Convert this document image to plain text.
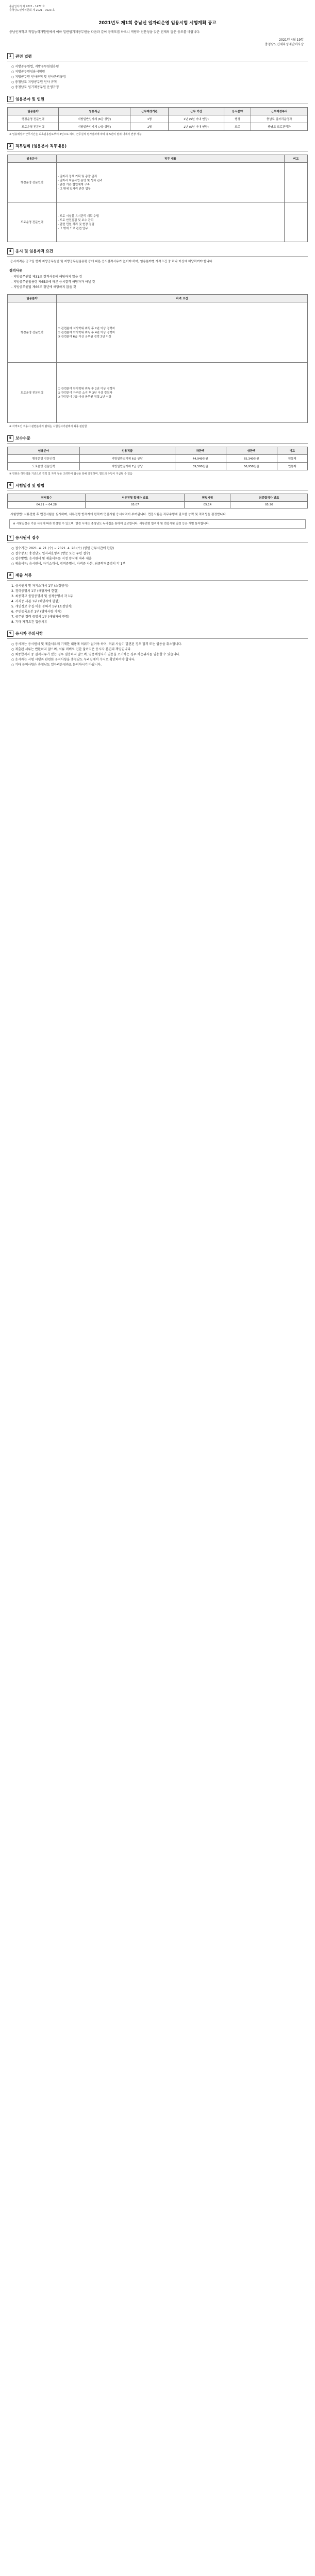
충남일자리 제 2021 - 1477 호
충청남도인사위원회 제 2021 - 0023 호
2021년도 제1회 충남신 일자리운영 임용시험 시행계획 공고
충남인재학교 직업능력개발원에서 이하 일반임기제공무원을 다음과 같이 공개모집 하오니 역량과 전문성을 갖춘 인재의 많은 응모를 바랍니다.
2021년 4월 19일
충청남도인재육성재단이사장
1	관련 법령
○ 지방공무원법, 지방공무원임용령
○ 지방공무원임용시험령
○ 지방공무원 인사규칙 및 인사관리규정
○ 충청남도 지방공무원 인사 규칙
○ 충청남도 임기제공무원 운영규정
2	임용분야 및 인원
임용분야	임용직급	근무예정기관	근무 기간	응시분야	근무예정부서
행정운영 전문인력	지방일반임기제 (6급 상당)	1명	2년 (5년 이내 연장)	행정	충남도 일자리운영과
도로운영 전문인력	지방일반임기제 (7급 상당)	1명	2년 (5년 이내 연장)	도로	충남도 도로관리과
※ 임용예정자 근무기간은 최초임용일로부터 2년으로 하되, 근무실적 평가결과에 따라 총 5년의 범위 내에서 연장 가능
3	직무범위 (임용분야 직무내용)
임용분야	직무 내용	비고
행정운영 전문인력	- 일자리 정책 기획 및 총괄 관리
- 일자리 지원사업 운영 및 성과 관리
- 관련 기관 협업체계 구축
- 그 밖에 일자리 관련 업무	
도로운영 전문인력	- 도로 시설물 유지관리 계획 수립
- 도로 안전점검 및 보수 관리
- 관련 민원 처리 및 현장 점검
- 그 밖에 도로 관련 업무	
4	응시 및 임용자격 요건
응시자격은 공고일 현재 지방공무원법 및 지방공무원임용령 등에 따른 응시결격사유가 없어야 하며, 임용분야별 자격요건 중 하나 이상에 해당하여야 합니다.
결격사유
- 지방공무원법 제31조 결격사유에 해당하지 않을 것
- 지방공무원임용령 제65조에 따른 응시결격 해당자가 아닐 것
- 지방공무원법 제66조 정년에 해당하지 않을 것
임용분야	자격 요건
행정운영 전문인력	① 관련분야 석사학위 취득 후 2년 이상 경력자
② 관련분야 학사학위 취득 후 4년 이상 경력자
③ 관련분야 6급 이상 공무원 경력 2년 이상
도로운영 전문인력	① 관련분야 학사학위 취득 후 2년 이상 경력자
② 관련분야 자격증 소지 후 3년 이상 경력자
③ 관련분야 7급 이상 공무원 경력 2년 이상
※ 자격요건 적용시 관련분야의 범위는 시험실시기관에서 최종 판단함
5	보수수준
임용분야	임용직급	하한액	상한액	비고
행정운영 전문인력	지방일반임기제 6급 상당	44,949천원	65,340천원	연봉제
도로운영 전문인력	지방일반임기제 7급 상당	39,500천원	56,958천원	연봉제
※ 연봉은 하한액을 기준으로 경력 및 자격 등을 고려하여 협상을 통해 결정하며, 별도의 수당이 지급될 수 있음
6	시험일정 및 방법
원서접수	서류전형 합격자 발표	면접시험	최종합격자 발표
04.21 ~ 04.28	05.07	05.14	05.20
시험방법: 서류전형 후 면접시험을 실시하며, 서류전형 합격자에 한하여 면접시험 응시자격이 부여됩니다. 면접시험은 직무수행에 필요한 능력 및 적격성을 검정합니다.
※ 시험일정은 기관 사정에 따라 변경될 수 있으며, 변경 시에는 충청남도 누리집을 통하여 공고합니다. 서류전형 합격자 및 면접시험 일정 등은 개별 통지합니다.
7	응시원서 접수
○ 접수기간: 2021. 4. 21.(수) ~ 2021. 4. 28.(수) (평일 근무시간에 한함)
○ 접수장소: 충청남도 일자리운영과 (방문 또는 우편 접수)
○ 접수방법: 응시원서 및 제출서류를 지정 양식에 따라 제출
○ 제출서류: 응시원서, 자기소개서, 경력증명서, 자격증 사본, 최종학력증명서 각 1부
8	제출 서류
1. 응시원서 및 자기소개서 1부 (소정양식)
2. 경력증명서 1부 (해당자에 한함)
3. 최종학교 졸업증명서 및 성적증명서 각 1부
4. 자격증 사본 1부 (해당자에 한함)
5. 개인정보 수집·이용 동의서 1부 (소정양식)
6. 주민등록초본 1부 (병역사항 기재)
7. 공무원 경력 증명서 1부 (해당자에 한함)
8. 기타 자격요건 입증서류
9	응시자 주의사항
○ 응시자는 응시원서 및 제출서류에 기재한 내용에 허위가 없어야 하며, 허위 사실이 발견된 경우 합격 또는 임용을 취소합니다.
○ 제출된 서류는 반환하지 않으며, 서류 미비로 인한 불이익은 응시자 본인의 책임입니다.
○ 최종합격자 중 결격사유가 있는 경우 임용하지 않으며, 임용예정자가 임용을 포기하는 경우 차순위자를 임용할 수 있습니다.
○ 응시자는 시험 시행과 관련한 공지사항을 충청남도 누리집에서 수시로 확인하여야 합니다.
○ 기타 문의사항은 충청남도 일자리운영과로 문의하시기 바랍니다.
